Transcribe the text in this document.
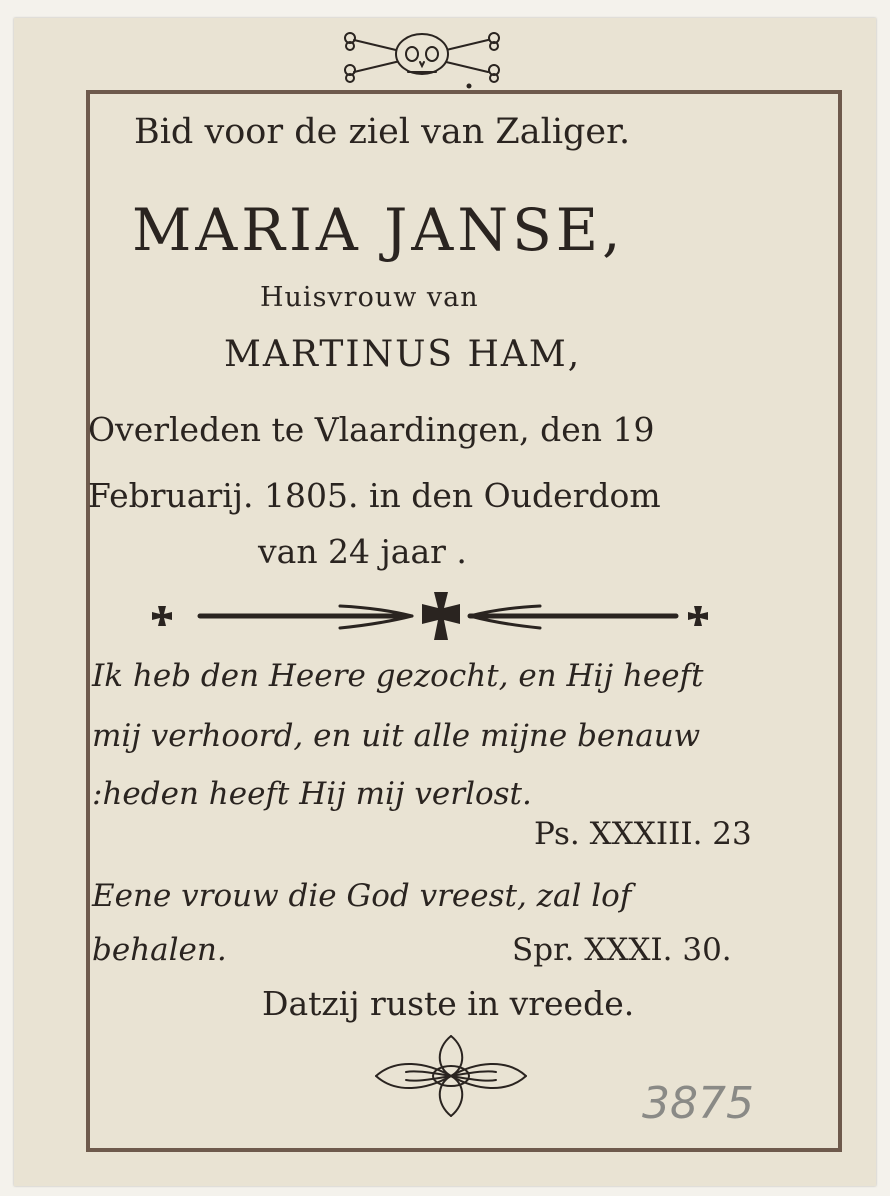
Bid voor de ziel van Zaliger.
MARIA JANSE,
Huisvrouw van
MARTINUS HAM,
Overleden te Vlaardingen, den 19
Februarij. 1805. in den Ouderdom
van 24 jaar .
Ik heb den Heere gezocht, en Hij heeft
mij verhoord, en uit alle mijne benauw
:heden heeft Hij mij verlost.
Ps. XXXIII. 23
Eene vrouw die God vreest, zal lof
behalen.	Spr. XXXI. 30.
Datzij ruste in vreede.
3875
